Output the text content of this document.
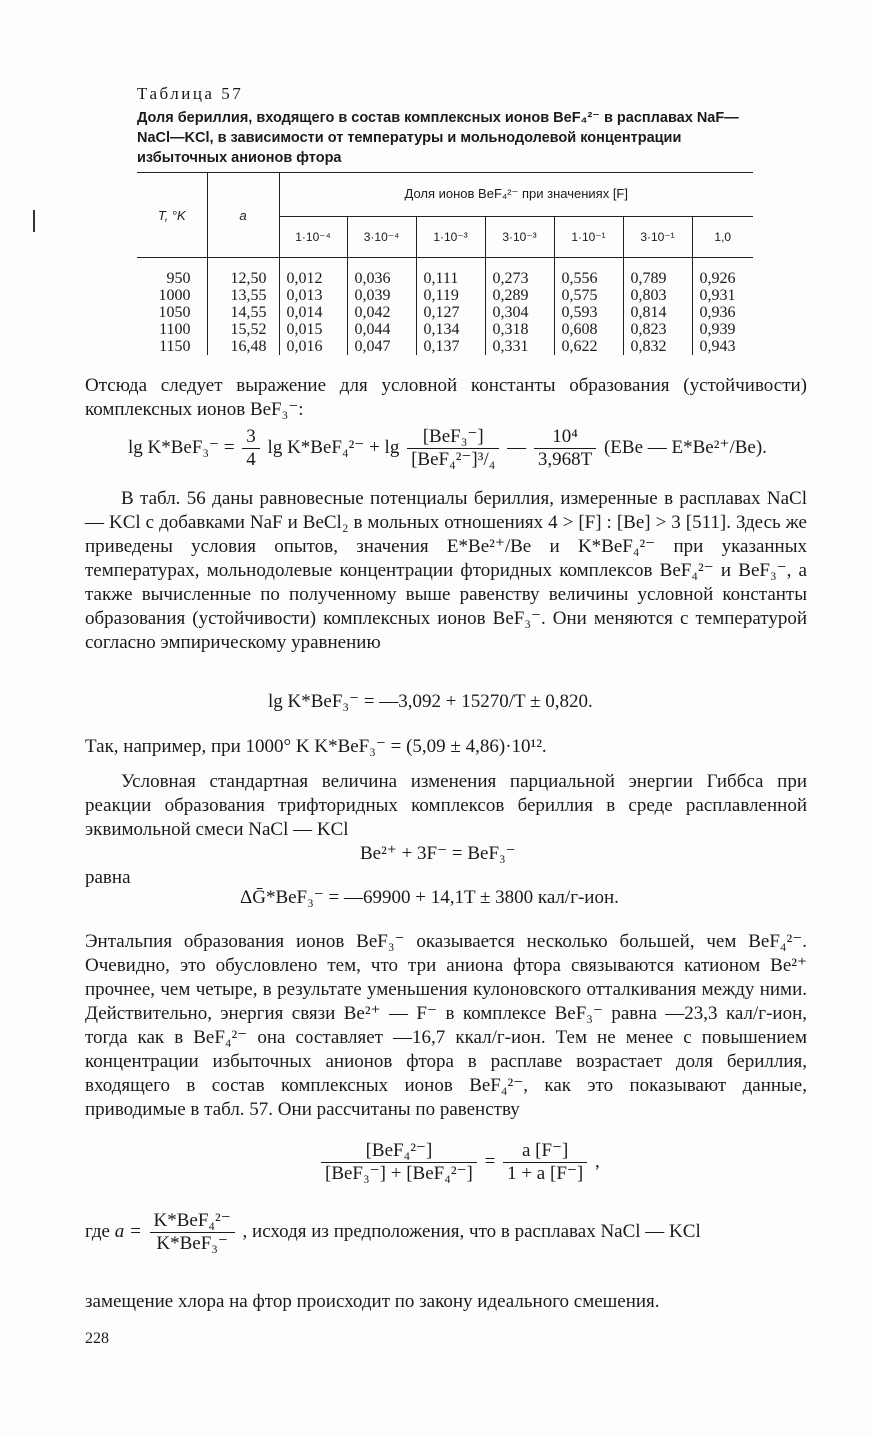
Таблица 57
Доля бериллия, входящего в состав комплексных ионов BeF₄²⁻ в расплавах NaF—NaCl—KCl, в зависимости от температуры и мольнодолевой концентрации избыточных анионов фтора
T, °K	a	Доля ионов BeF₄²⁻ при значениях [F]						
		1·10⁻⁴	3·10⁻⁴	1·10⁻³	3·10⁻³	1·10⁻¹	3·10⁻¹	1,0
950	12,50	0,012	0,036	0,111	0,273	0,556	0,789	0,926
1000	13,55	0,013	0,039	0,119	0,289	0,575	0,803	0,931
1050	14,55	0,014	0,042	0,127	0,304	0,593	0,814	0,936
1100	15,52	0,015	0,044	0,134	0,318	0,608	0,823	0,939
1150	16,48	0,016	0,047	0,137	0,331	0,622	0,832	0,943
Отсюда следует выражение для условной константы образования (устойчивости) комплексных ионов BeF₃⁻:
$\lg K*BeF_3^- = \frac{3}{4}$ $\lg K*BeF_4^{2-} + \lg \frac{\text{[BeF₃⁻]}}{\text{[BeF₄²⁻]³/₄}}$ — $\frac{\text{10⁴}}{3,968T} (EBe$ — E*Be²⁺/Be).
В табл. 56 даны равновесные потенциалы бериллия, измеренные в расплавах NaCl — KCl с добавками NaF и BeCl₂ в мольных отношениях 4 > [F] : [Be] > 3 [511]. Здесь же приведены условия опытов, значения E*Be²⁺/Be и K*BeF₄²⁻ при указанных температурах, мольнодолевые концентрации фторидных комплексов BeF₄²⁻ и BeF₃⁻, а также вычисленные по полученному выше равенству величины условной константы образования (устойчивости) комплексных ионов BeF₃⁻. Они меняются с температурой согласно эмпирическому уравнению
lg K*BeF₃⁻ = —3,092 + 15270/T ± 0,820.
Так, например, при 1000° K K*BeF₃⁻ = (5,09 ± 4,86)·10¹².
Условная стандартная величина изменения парциальной энергии Гиббса при реакции образования трифторидных комплексов бериллия в среде расплавленной эквимольной смеси NaCl — KCl
Be²⁺ + 3F⁻ = BeF₃⁻
равна
ΔḠ*BeF₃⁻ = —69900 + 14,1T ± 3800 кал/г-ион.
Энтальпия образования ионов BeF₃⁻ оказывается несколько большей, чем BeF₄²⁻. Очевидно, это обусловлено тем, что три аниона фтора связываются катионом Be²⁺ прочнее, чем четыре, в результате уменьшения кулоновского отталкивания между ними. Действительно, энергия связи Be²⁺ — F⁻ в комплексе BeF₃⁻ равна —23,3 кал/г-ион, тогда как в BeF₄²⁻ она составляет —16,7 ккал/г-ион. Тем не менее с повышением концентрации избыточных анионов фтора в расплаве возрастает доля бериллия, входящего в состав комплексных ионов BeF₄²⁻, как это показывают данные, приводимые в табл. 57. Они рассчитаны по равенству
$\frac{\text{[BeF₄²⁻]}}{\text{[BeF₃⁻] + [BeF₄²⁻]}} = \frac{a [F^-]}{1 + a [F^-]}$ ,
где $a = \frac{\text{K*BeF₄²⁻}}{\text{K*BeF₃⁻}}$ , исходя из предположения, что в расплавах NaCl — KCl
замещение хлора на фтор происходит по закону идеального смешения.
228
